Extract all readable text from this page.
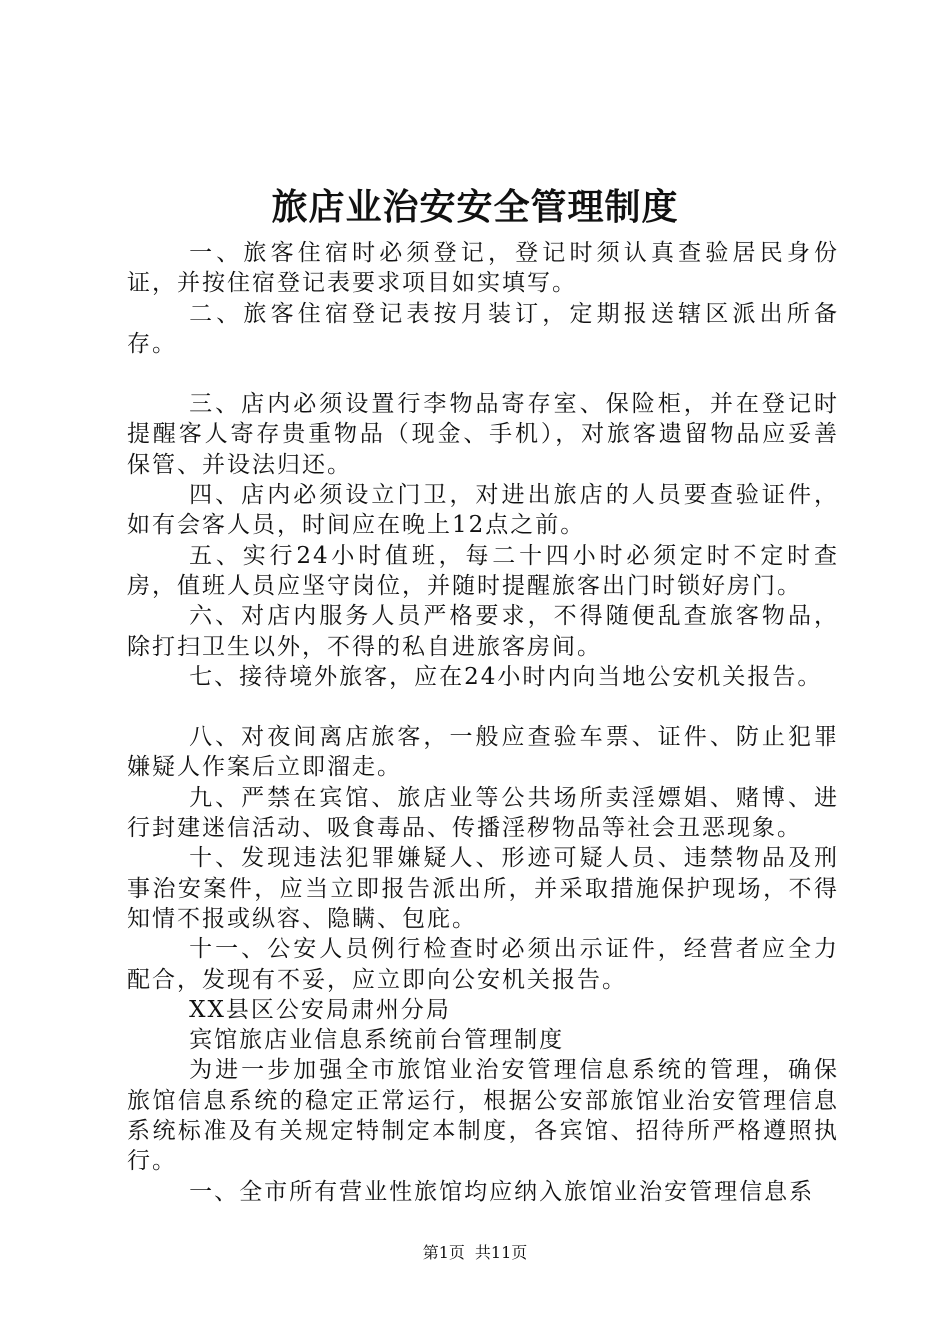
旅店业治安安全管理制度

一、旅客住宿时必须登记，登记时须认真查验居民身份证，并按住宿登记表要求项目如实填写。

二、旅客住宿登记表按月装订，定期报送辖区派出所备存。

三、店内必须设置行李物品寄存室、保险柜，并在登记时提醒客人寄存贵重物品（现金、手机），对旅客遗留物品应妥善保管、并设法归还。

四、店内必须设立门卫，对进出旅店的人员要查验证件，如有会客人员，时间应在晚上12点之前。

五、实行24小时值班，每二十四小时必须定时不定时查房，值班人员应坚守岗位，并随时提醒旅客出门时锁好房门。

六、对店内服务人员严格要求，不得随便乱查旅客物品，除打扫卫生以外，不得的私自进旅客房间。

七、接待境外旅客，应在24小时内向当地公安机关报告。

八、对夜间离店旅客，一般应查验车票、证件、防止犯罪嫌疑人作案后立即溜走。

九、严禁在宾馆、旅店业等公共场所卖淫嫖娼、赌博、进行封建迷信活动、吸食毒品、传播淫秽物品等社会丑恶现象。

十、发现违法犯罪嫌疑人、形迹可疑人员、违禁物品及刑事治安案件，应当立即报告派出所，并采取措施保护现场，不得知情不报或纵容、隐瞒、包庇。

十一、公安人员例行检查时必须出示证件，经营者应全力配合，发现有不妥，应立即向公安机关报告。

XX县区公安局肃州分局

宾馆旅店业信息系统前台管理制度

为进一步加强全市旅馆业治安管理信息系统的管理，确保旅馆信息系统的稳定正常运行，根据公安部旅馆业治安管理信息系统标准及有关规定特制定本制度，各宾馆、招待所严格遵照执行。

一、全市所有营业性旅馆均应纳入旅馆业治安管理信息系

第1页 共11页
